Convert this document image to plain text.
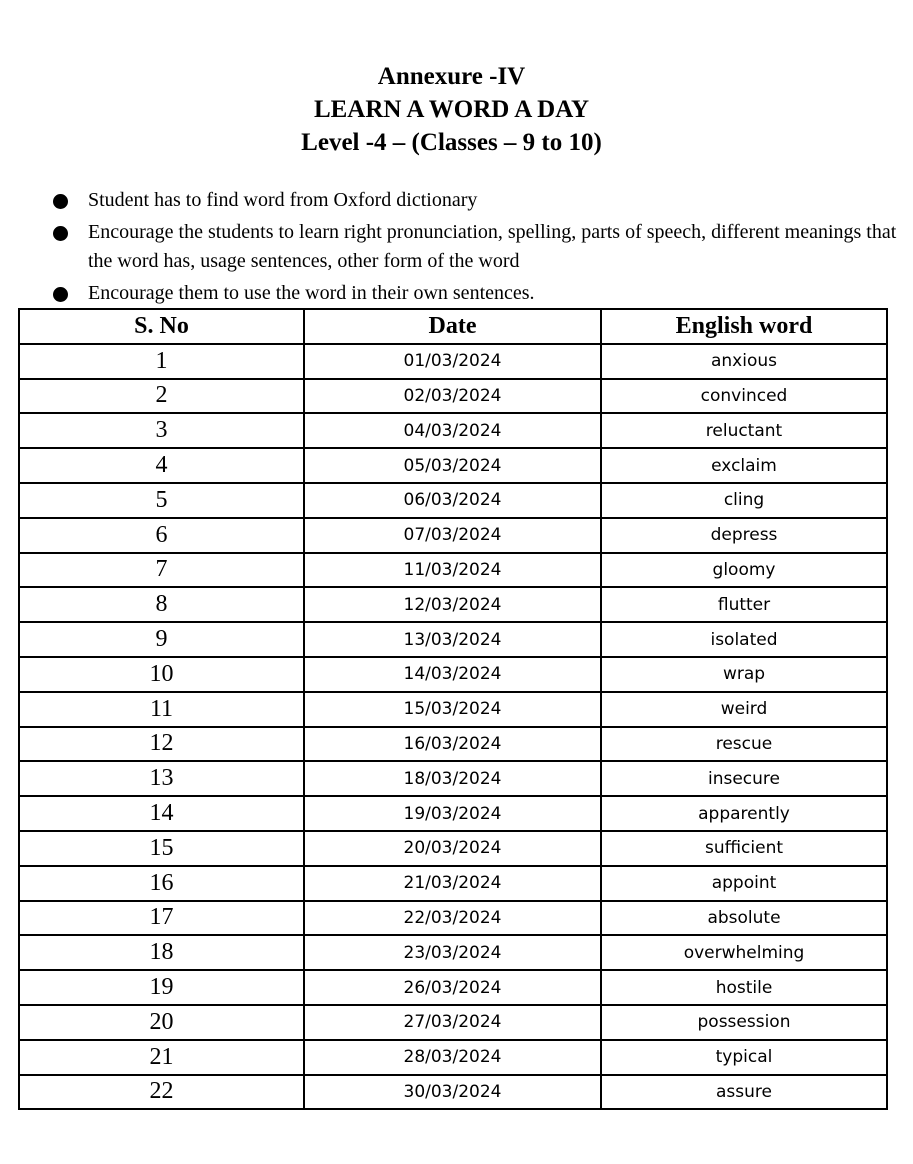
Annexure -IV
LEARN A WORD A DAY
Level -4 – (Classes – 9 to 10)
Student has to find word from Oxford dictionary
Encourage the students to learn right pronunciation, spelling, parts of speech, different meanings that the word has, usage sentences, other form of the word
Encourage them to use the word in their own sentences.
S. No	Date	English word
1	01/03/2024	anxious
2	02/03/2024	convinced
3	04/03/2024	reluctant
4	05/03/2024	exclaim
5	06/03/2024	cling
6	07/03/2024	depress
7	11/03/2024	gloomy
8	12/03/2024	flutter
9	13/03/2024	isolated
10	14/03/2024	wrap
11	15/03/2024	weird
12	16/03/2024	rescue
13	18/03/2024	insecure
14	19/03/2024	apparently
15	20/03/2024	sufficient
16	21/03/2024	appoint
17	22/03/2024	absolute
18	23/03/2024	overwhelming
19	26/03/2024	hostile
20	27/03/2024	possession
21	28/03/2024	typical
22	30/03/2024	assure
